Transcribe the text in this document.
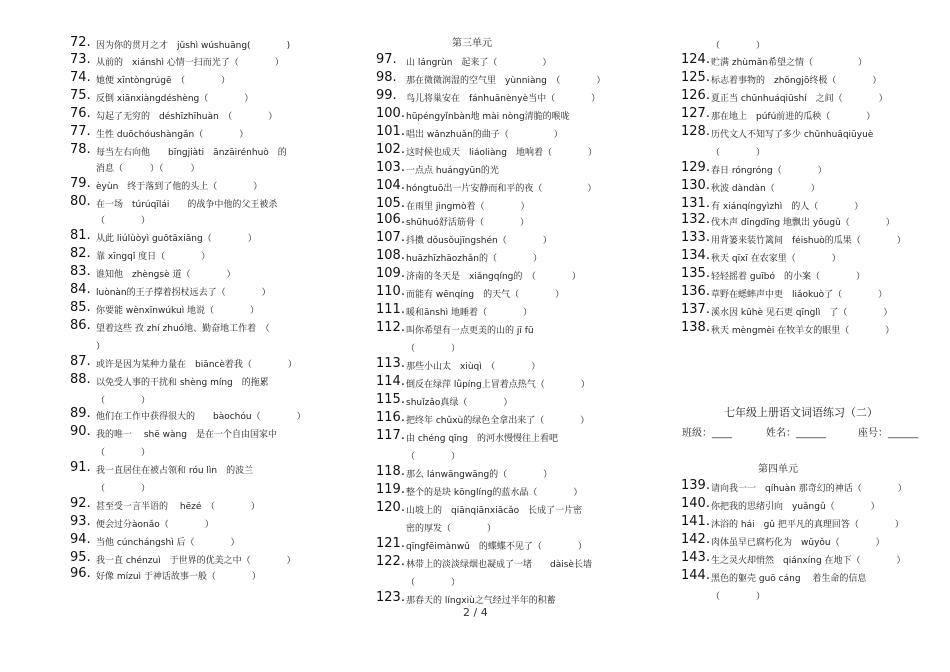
72. 因为你的贯月之才　jǔshì wúshuāng(　　　　)
73. 从前的　xiánshì 心情一扫而光了（　　　　）
74. 她便 xīntòngrúgē　（　　　　）
75. 反倒 xiānxiàngdéshèng（　　　　）
76. 勾起了无穷的　déshīzhīhuàn　（　　　　）
77. 生性 duōchóushàngǎn（　　　　）
78. 每当左右向他　　bīngjiàti　ānzāirénhuò　的
消息（　　　）（　　　）
79. èyùn　终于落到了他的头上（　　　　）
80. 在一场　túrúqīlái　　的战争中他的父王被杀
（　　　　）
81. 从此 liúlùòyì guōtāxiāng（　　　　）
82. 靠 xīngqǐ 度日（　　　　）
83. 谁知他　zhèngsè 道（　　　　）
84. luònàn的王子撑着拐杖远去了（　　　　）
85. 你要能 wènxīnwúkuì 地说（　　　　）
86. 望着这些 孜 zhí zhuó地、勤奋地工作着　（
）
87. 或许是因为某种力量在　biāncè着我（　　　　）
88. 以免受人事的干扰和 shèng míng　的拖累
（　　　　）
89. 他们在工作中获得很大的　　bàochóu（　　　　）
90. 我的唯一　 shē wàng　是在一个自由国家中
（　　　　）
91. 我一直居住在被占领和 róu lìn　的波兰
（　　　　）
92. 甚至受一言半语的　 hēzé　（　　　　）
93. 便会过分àonǎo（　　　　）
94. 当他 cúnchángshì 后（　　　　）
95. 我一直 chénzuì　于世界的优美之中（　　　　）
96. 好像 mízuì 于神话故事一般（　　　　）
97. 山 lángrùn　起来了（　　　　　）
98. 那在微微润湿的空气里　yùnniàng　（　　　　）
99. 鸟儿将巢安在　fánhuānènyè当中（　　　　）
100. hūpéngyǐnbàn地 mài nòng清脆的喉咙
101. 唱出 wǎnzhuǎn的曲子（　　　　　）
102. 这时候也成天　liáoliàng　地响着（　　　　）
103. 一点点 huángyūn的光
104. hóngtuō出一片安静而和平的夜（　　　　　）
105. 在雨里 jìngmò着（　　　　）
106. shūhuó舒活筋骨（　　　　）
107. 抖擞 dǒusǒujīngshén（　　　　）
108. huāzhīzhāozhǎn的（　　　　）
109. 济南的冬天是　xiǎngqíng的　（　　　　）
110. 而能有 wēnqíng　的天气（　　　　）
111. 暖和ānshì 地睡着（　　　　）
112. 叫你希望有一点更美的山的 jī fū
（　　　　）
113. 那些小山太　xiùqì　（　　　　）
114. 倒反在绿萍 lǜpíng上冒着点热气（　　　　）
115. shuǐzǎo真绿（　　　　）
116. 把终年 chǔxù的绿色全拿出来了（　　　　）
117. 由 chéng qīng　的河水慢慢往上看吧
（　　　　）
118. 那么 lánwāngwāng的（　　　　）
119. 整个的是块 kōnglíng的蓝水晶（　　　　）
120. 山坡上的　qiānqiānxiācǎo　长成了一片密
密的厚发（　　　　）
121. qīngfēimànwǔ　的蝶蝶不见了（　　　　）
122. 林带上的淡淡绿烟也凝成了一堵　　dàisè长墙
（　　　　）
123. 那春天的 língxiù之气经过半年的积蓄
（　　　　）
124. 贮满 zhùmǎn希望之情（　　　　　）
125. 标志着事物的　zhōngjō终极（　　　　）
126. 夏正当 chūnhuáqiūshí　之间（　　　　）
127. 那在地上　púfú前进的瓜秧（　　　　）
128. 历代文人不知写了多少 chūnhuāqiūyuè
（　　　　）
129. 春日 róngróng（　　　　）
130. 秋波 dàndàn（　　　　）
131. 有 xiánqíngyìzhì　的人（　　　　）
132. 伐木声 dīngdīng 地飘出 yōugǔ（　　　　）
133. 用背篓来装竹篱间　féishuò的瓜果（　　　　）
134. 秋天 qīxī 在农家里（　　　　）
135. 轻轻摇着 guībó　的小案（　　　　）
136. 草野在蟋蟀声中更　liǎokuò了（　　　　）
137. 溪水因 kūhè 见石更 qīnglì　了（　　　　）
138. 秋天 mèngmèi 在牧羊女的眼里（　　　　）
139. 请向我一一　qíhuàn 那奇幻的神话（　　　　）
140. 你把我的思绪引向　yuǎngǔ（　　　　）
141. 沐浴的 hái　gǔ 把平凡的真理回答（　　　　）
142. 肉体虽早已腐朽化为　wūyǒu（　　　　）
143. 生之灵火却悄然　qiánxíng 在地下（　　　　）
144. 黑色的躯壳 guō cáng　 着生命的信息
（　　　　）
第三单元
七年级上册语文词语练习（二）
班级：____	姓名：______	座号：______
第四单元
2 / 4
